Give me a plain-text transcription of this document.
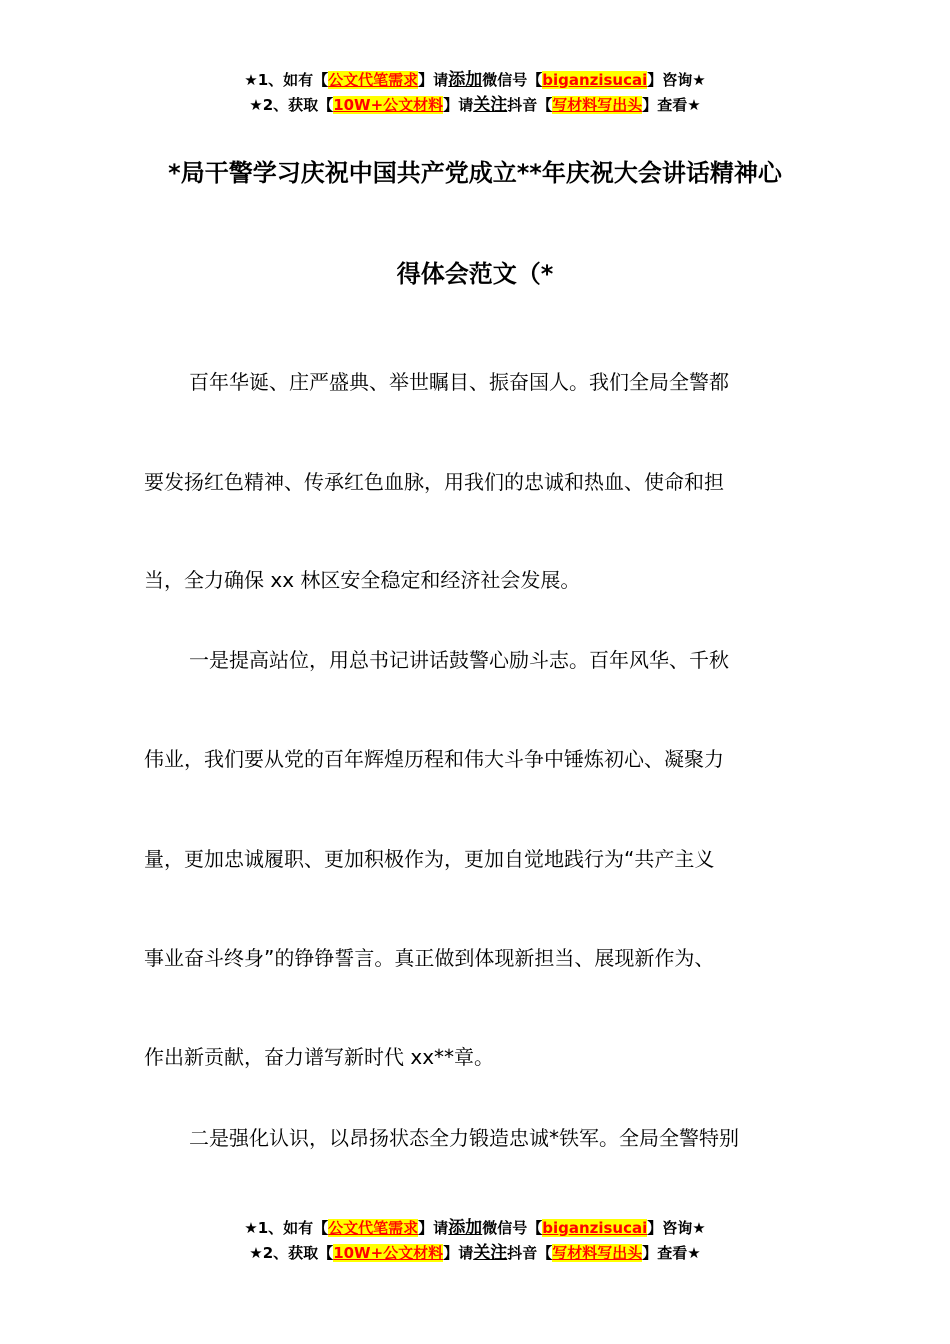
★1、如有【公文代笔需求】请添加微信号【biganzisucai】咨询★
★2、获取【10W+公文材料】请关注抖音【写材料写出头】查看★
*局干警学习庆祝中国共产党成立**年庆祝大会讲话精神心
得体会范文（*
百年华诞、庄严盛典、举世瞩目、振奋国人。我们全局全警都
要发扬红色精神、传承红色血脉，用我们的忠诚和热血、使命和担
当，全力确保 xx 林区安全稳定和经济社会发展。
一是提高站位，用总书记讲话鼓警心励斗志。百年风华、千秋
伟业，我们要从党的百年辉煌历程和伟大斗争中锤炼初心、凝聚力
量，更加忠诚履职、更加积极作为，更加自觉地践行为“共产主义
事业奋斗终身”的铮铮誓言。真正做到体现新担当、展现新作为、
作出新贡献，奋力谱写新时代 xx**章。
二是强化认识，以昂扬状态全力锻造忠诚*铁军。全局全警特别
★1、如有【公文代笔需求】请添加微信号【biganzisucai】咨询★
★2、获取【10W+公文材料】请关注抖音【写材料写出头】查看★
